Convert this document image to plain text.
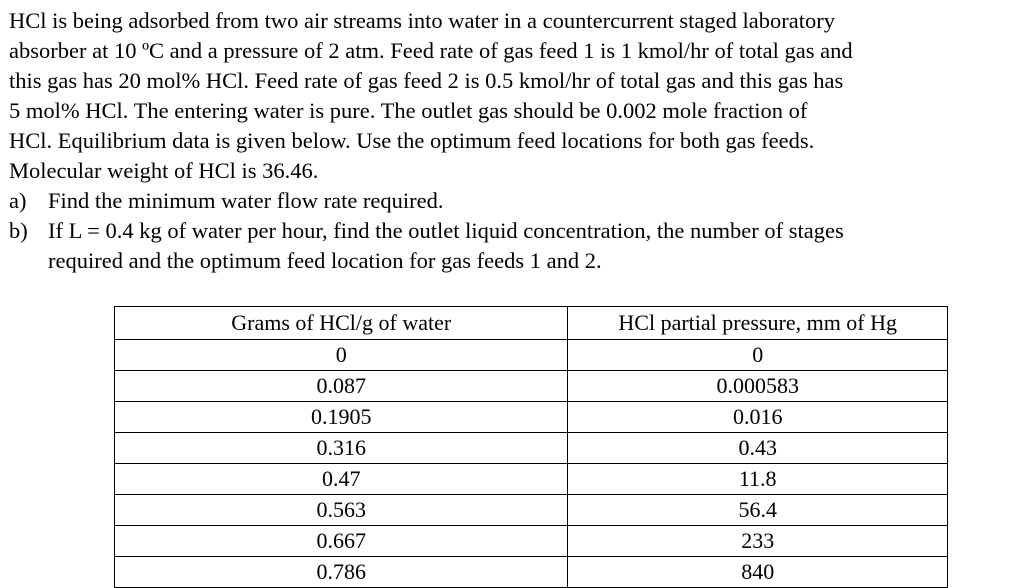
HCl is being adsorbed from two air streams into water in a countercurrent staged laboratory
absorber at 10 ºC and a pressure of 2 atm. Feed rate of gas feed 1 is 1 kmol/hr of total gas and
this gas has 20 mol% HCl. Feed rate of gas feed 2 is 0.5 kmol/hr of total gas and this gas has
5 mol% HCl. The entering water is pure. The outlet gas should be 0.002 mole fraction of
HCl. Equilibrium data is given below. Use the optimum feed locations for both gas feeds.
Molecular weight of HCl is 36.46.
a) Find the minimum water flow rate required.
b) If L = 0.4 kg of water per hour, find the outlet liquid concentration, the number of stages
required and the optimum feed location for gas feeds 1 and 2.
Grams of HCl/g of water	HCl partial pressure, mm of Hg
0	0
0.087	0.000583
0.1905	0.016
0.316	0.43
0.47	11.8
0.563	56.4
0.667	233
0.786	840
